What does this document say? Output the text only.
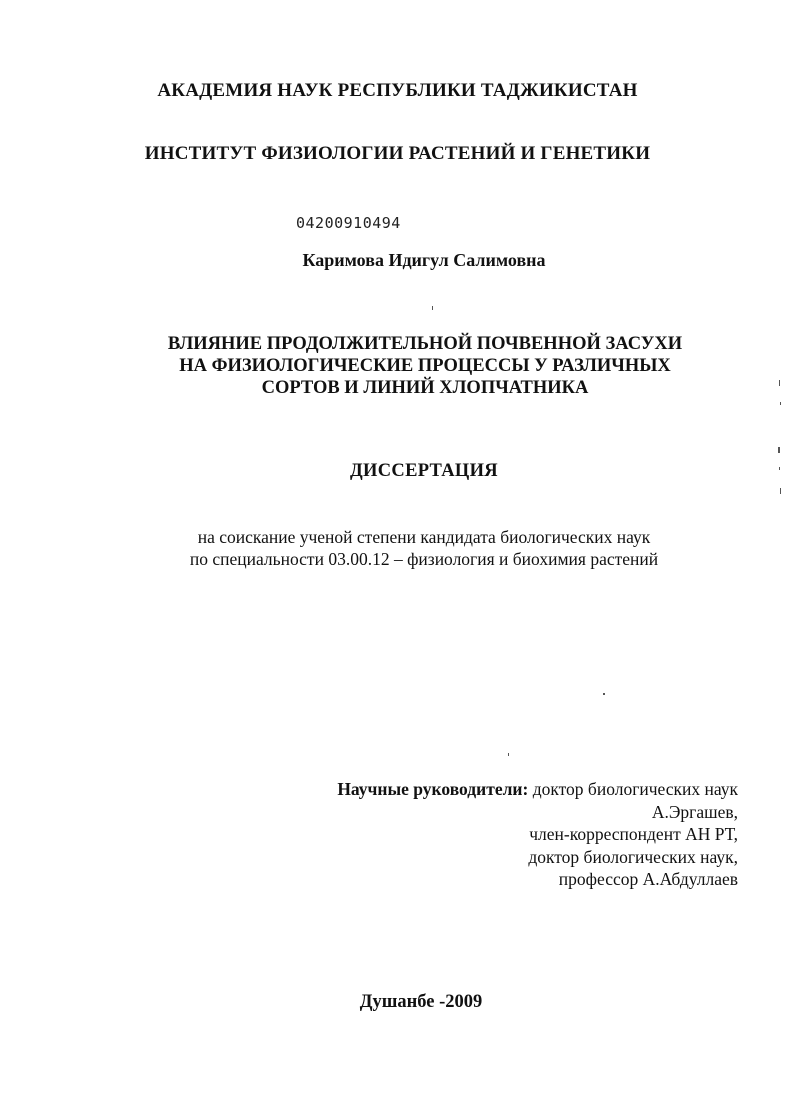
АКАДЕМИЯ НАУК РЕСПУБЛИКИ ТАДЖИКИСТАН
ИНСТИТУТ ФИЗИОЛОГИИ РАСТЕНИЙ И ГЕНЕТИКИ
04200910494
Каримова Идигул Салимовна
ВЛИЯНИЕ ПРОДОЛЖИТЕЛЬНОЙ ПОЧВЕННОЙ ЗАСУХИ
НА ФИЗИОЛОГИЧЕСКИЕ ПРОЦЕССЫ У РАЗЛИЧНЫХ
СОРТОВ И ЛИНИЙ ХЛОПЧАТНИКА
ДИССЕРТАЦИЯ
на соискание ученой степени кандидата биологических наук
по специальности 03.00.12 – физиология и биохимия растений
Научные руководители: доктор биологических наук
А.Эргашев,
член-корреспондент АН РТ,
доктор биологических наук,
профессор А.Абдуллаев
Душанбе -2009
